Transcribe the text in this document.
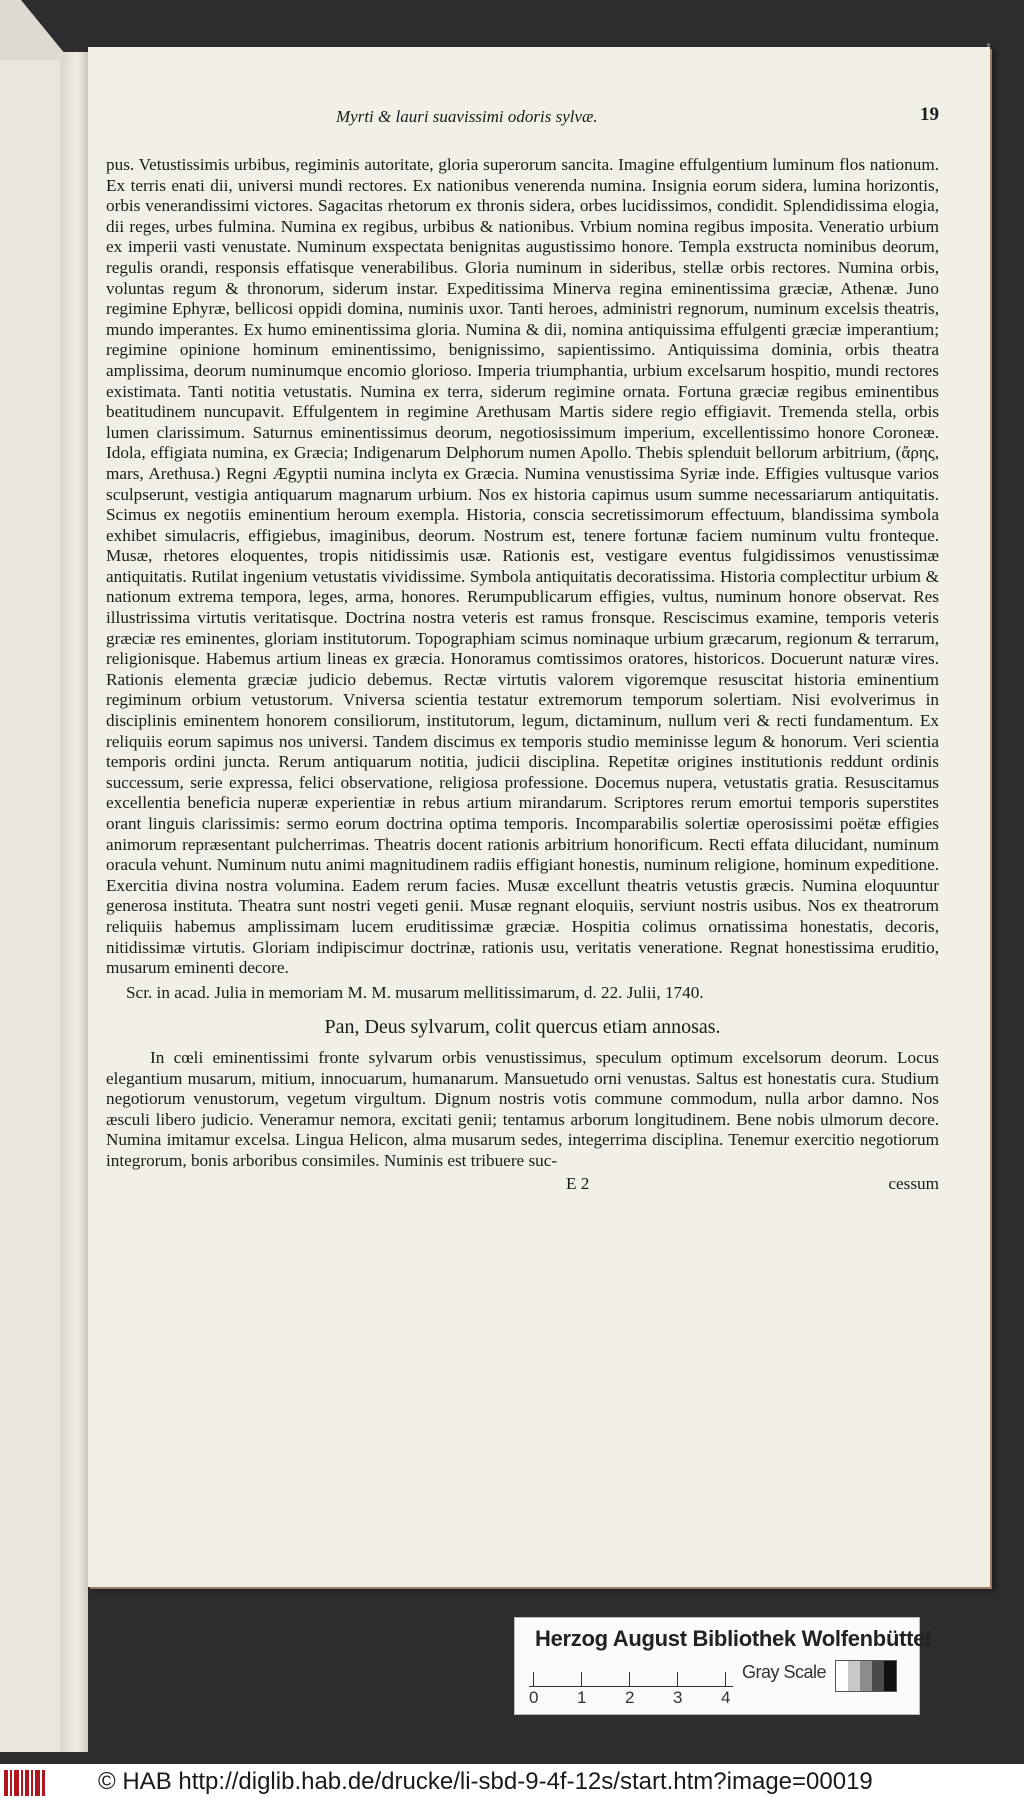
Myrti & lauri suavissimi odoris sylvæ.	19

pus. Vetustissimis urbibus, regiminis autoritate, gloria superorum sancita. Imagine effulgentium luminum flos nationum. Ex terris enati dii, universi mundi rectores. Ex nationibus venerenda numina. Insignia eorum sidera, lumina horizontis, orbis venerandissimi victores. Sagacitas rhetorum ex thronis sidera, orbes lucidissimos, condidit. Splendidissima elogia, dii reges, urbes fulmina. Numina ex regibus, urbibus & nationibus. Vrbium nomina regibus imposita. Veneratio urbium ex imperii vasti venustate. Numinum exspectata benignitas augustissimo honore. Templa exstructa nominibus deorum, regulis orandi, responsis effatisque venerabilibus. Gloria numinum in sideribus, stellæ orbis rectores. Numina orbis, voluntas regum & thronorum, siderum instar. Expeditissima Minerva regina eminentissima græciæ, Athenæ. Juno regimine Ephyræ, bellicosi oppidi domina, numinis uxor. Tanti heroes, administri regnorum, numinum excelsis theatris, mundo imperantes. Ex humo eminentissima gloria. Numina & dii, nomina antiquissima effulgenti græciæ imperantium; regimine opinione hominum eminentissimo, benignissimo, sapientissimo. Antiquissima dominia, orbis theatra amplissima, deorum numinumque encomio glorioso. Imperia triumphantia, urbium excelsarum hospitio, mundi rectores existimata. Tanti notitia vetustatis. Numina ex terra, siderum regimine ornata. Fortuna græciæ regibus eminentibus beatitudinem nuncupavit. Effulgentem in regimine Arethusam Martis sidere regio effigiavit. Tremenda stella, orbis lumen clarissimum. Saturnus eminentissimus deorum, negotiosissimum imperium, excellentissimo honore Coroneæ. Idola, effigiata numina, ex Græcia; Indigenarum Delphorum numen Apollo. Thebis splenduit bellorum arbitrium, (ἄρης, mars, Arethusa.) Regni Ægyptii numina inclyta ex Græcia. Numina venustissima Syriæ inde. Effigies vultusque varios sculpserunt, vestigia antiquarum magnarum urbium. Nos ex historia capimus usum summe necessariarum antiquitatis. Scimus ex negotiis eminentium heroum exempla. Historia, conscia secretissimorum effectuum, blandissima symbola exhibet simulacris, effigiebus, imaginibus, deorum. Nostrum est, tenere fortunæ faciem numinum vultu fronteque. Musæ, rhetores eloquentes, tropis nitidissimis usæ. Rationis est, vestigare eventus fulgidissimos venustissimæ antiquitatis. Rutilat ingenium vetustatis vividissime. Symbola antiquitatis decoratissima. Historia complectitur urbium & nationum extrema tempora, leges, arma, honores. Rerumpublicarum effigies, vultus, numinum honore observat. Res illustrissima virtutis veritatisque. Doctrina nostra veteris est ramus fronsque. Resciscimus examine, temporis veteris græciæ res eminentes, gloriam institutorum. Topographiam scimus nominaque urbium græcarum, regionum & terrarum, religionisque. Habemus artium lineas ex græcia. Honoramus comtissimos oratores, historicos. Docuerunt naturæ vires. Rationis elementa græciæ judicio debemus. Rectæ virtutis valorem vigoremque resuscitat historia eminentium regiminum orbium vetustorum. Vniversa scientia testatur extremorum temporum solertiam. Nisi evolverimus in disciplinis eminentem honorem consiliorum, institutorum, legum, dictaminum, nullum veri & recti fundamentum. Ex reliquiis eorum sapimus nos universi. Tandem discimus ex temporis studio meminisse legum & honorum. Veri scientia temporis ordini juncta. Rerum antiquarum notitia, judicii disciplina. Repetitæ origines institutionis reddunt ordinis successum, serie expressa, felici observatione, religiosa professione. Docemus nupera, vetustatis gratia. Resuscitamus excellentia beneficia nuperæ experientiæ in rebus artium mirandarum. Scriptores rerum emortui temporis superstites orant linguis clarissimis: sermo eorum doctrina optima temporis. Incomparabilis solertiæ operosissimi poëtæ effigies animorum repræsentant pulcherrimas. Theatris docent rationis arbitrium honorificum. Recti effata dilucidant, numinum oracula vehunt. Numinum nutu animi magnitudinem radiis effigiant honestis, numinum religione, hominum expeditione. Exercitia divina nostra volumina. Eadem rerum facies. Musæ excellunt theatris vetustis græcis. Numina eloquuntur generosa instituta. Theatra sunt nostri vegeti genii. Musæ regnant eloquiis, serviunt nostris usibus. Nos ex theatrorum reliquiis habemus amplissimam lucem eruditissimæ græciæ. Hospitia colimus ornatissima honestatis, decoris, nitidissimæ virtutis. Gloriam indipiscimur doctrinæ, rationis usu, veritatis veneratione. Regnat honestissima eruditio, musarum eminenti decore.

Scr. in acad. Julia in memoriam M. M. musarum mellitissimarum, d. 22. Julii, 1740.

Pan, Deus sylvarum, colit quercus etiam annosas.

In cœli eminentissimi fronte sylvarum orbis venustissimus, speculum optimum excelsorum deorum. Locus elegantium musarum, mitium, innocuarum, humanarum. Mansuetudo orni venustas. Saltus est honestatis cura. Studium negotiorum venustorum, vegetum virgultum. Dignum nostris votis commune commodum, nulla arbor damno. Nos æsculi libero judicio. Veneramur nemora, excitati genii; tentamus arborum longitudinem. Bene nobis ulmorum decore. Numina imitamur excelsa. Lingua Helicon, alma musarum sedes, integerrima disciplina. Tenemur exercitio negotiorum integrorum, bonis arboribus consimiles. Numinis est tribuere suc-

E 2	cessum
▪
Herzog August Bibliothek Wolfenbüttel
Gray Scale
0 1 2 3 4
© HAB http://diglib.hab.de/drucke/li-sbd-9-4f-12s/start.htm?image=00019
